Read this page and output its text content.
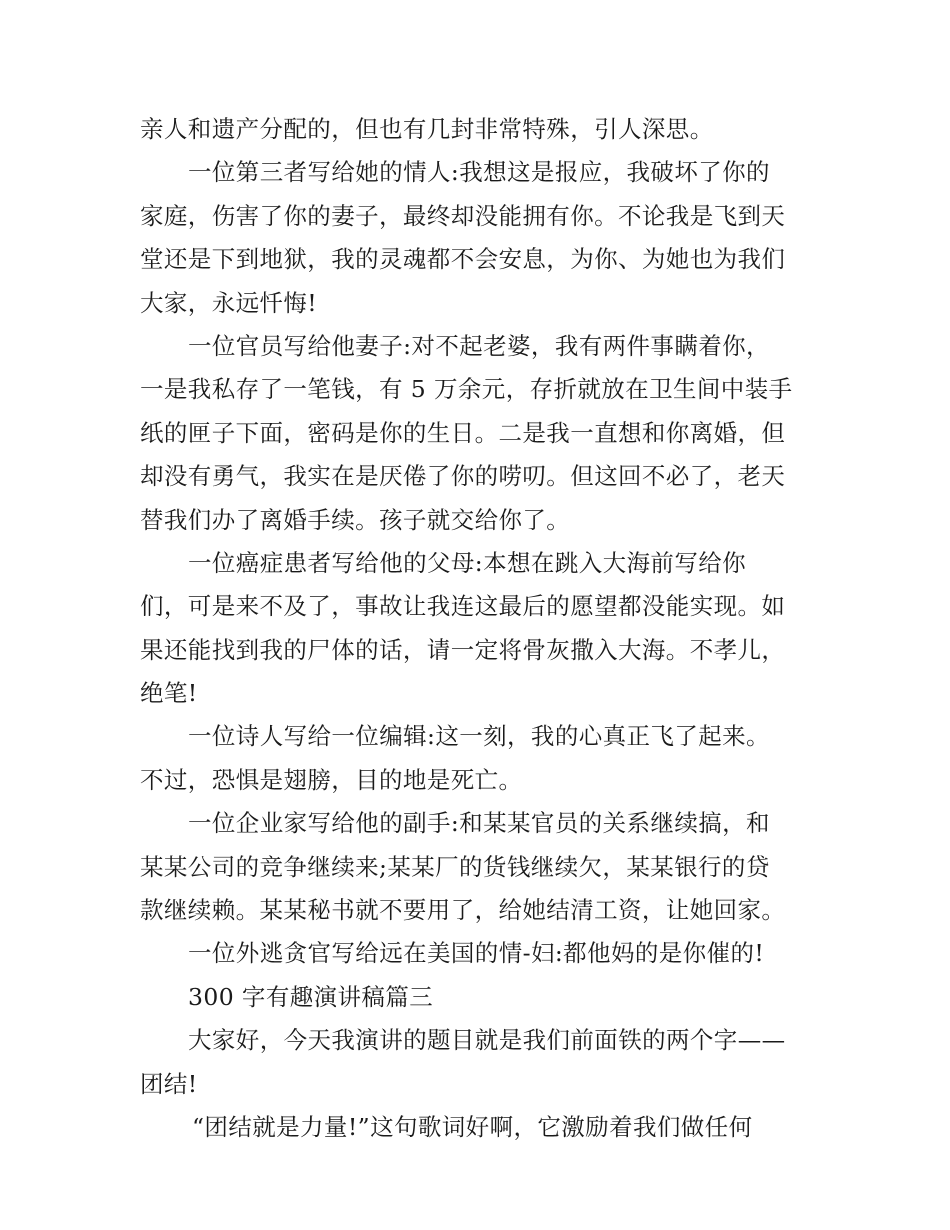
亲人和遗产分配的，但也有几封非常特殊，引人深思。
一位第三者写给她的情人:我想这是报应，我破坏了你的
家庭，伤害了你的妻子，最终却没能拥有你。不论我是飞到天
堂还是下到地狱，我的灵魂都不会安息，为你、为她也为我们
大家，永远忏悔!
一位官员写给他妻子:对不起老婆，我有两件事瞒着你，
一是我私存了一笔钱，有 5 万余元，存折就放在卫生间中装手
纸的匣子下面，密码是你的生日。二是我一直想和你离婚，但
却没有勇气，我实在是厌倦了你的唠叨。但这回不必了，老天
替我们办了离婚手续。孩子就交给你了。
一位癌症患者写给他的父母:本想在跳入大海前写给你
们，可是来不及了，事故让我连这最后的愿望都没能实现。如
果还能找到我的尸体的话，请一定将骨灰撒入大海。不孝儿，
绝笔!
一位诗人写给一位编辑:这一刻，我的心真正飞了起来。
不过，恐惧是翅膀，目的地是死亡。
一位企业家写给他的副手:和某某官员的关系继续搞，和
某某公司的竞争继续来;某某厂的货钱继续欠，某某银行的贷
款继续赖。某某秘书就不要用了，给她结清工资，让她回家。
一位外逃贪官写给远在美国的情-妇:都他妈的是你催的!
300 字有趣演讲稿篇三
大家好，今天我演讲的题目就是我们前面铁的两个字——
团结!
“团结就是力量!”这句歌词好啊，它激励着我们做任何
